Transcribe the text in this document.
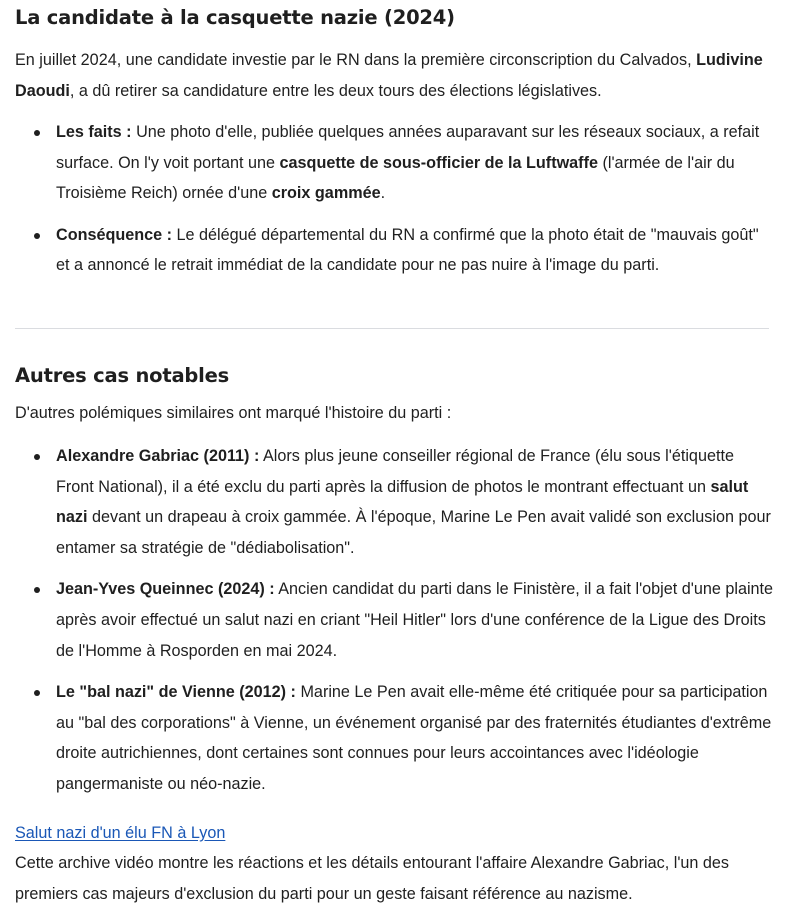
La candidate à la casquette nazie (2024)

En juillet 2024, une candidate investie par le RN dans la première circonscription du Calvados, Ludivine Daoudi, a dû retirer sa candidature entre les deux tours des élections législatives.

Les faits : Une photo d'elle, publiée quelques années auparavant sur les réseaux sociaux, a refait surface. On l'y voit portant une casquette de sous-officier de la Luftwaffe (l'armée de l'air du Troisième Reich) ornée d'une croix gammée.
Conséquence : Le délégué départemental du RN a confirmé que la photo était de "mauvais goût" et a annoncé le retrait immédiat de la candidate pour ne pas nuire à l'image du parti.
Autres cas notables

D'autres polémiques similaires ont marqué l'histoire du parti :

Alexandre Gabriac (2011) : Alors plus jeune conseiller régional de France (élu sous l'étiquette Front National), il a été exclu du parti après la diffusion de photos le montrant effectuant un salut nazi devant un drapeau à croix gammée. À l'époque, Marine Le Pen avait validé son exclusion pour entamer sa stratégie de "dédiabolisation".
Jean-Yves Queinnec (2024) : Ancien candidat du parti dans le Finistère, il a fait l'objet d'une plainte après avoir effectué un salut nazi en criant "Heil Hitler" lors d'une conférence de la Ligue des Droits de l'Homme à Rosporden en mai 2024.
Le "bal nazi" de Vienne (2012) : Marine Le Pen avait elle-même été critiquée pour sa participation au "bal des corporations" à Vienne, un événement organisé par des fraternités étudiantes d'extrême droite autrichiennes, dont certaines sont connues pour leurs accointances avec l'idéologie pangermaniste ou néo-nazie.
Salut nazi d'un élu FN à Lyon

Cette archive vidéo montre les réactions et les détails entourant l'affaire Alexandre Gabriac, l'un des premiers cas majeurs d'exclusion du parti pour un geste faisant référence au nazisme.
